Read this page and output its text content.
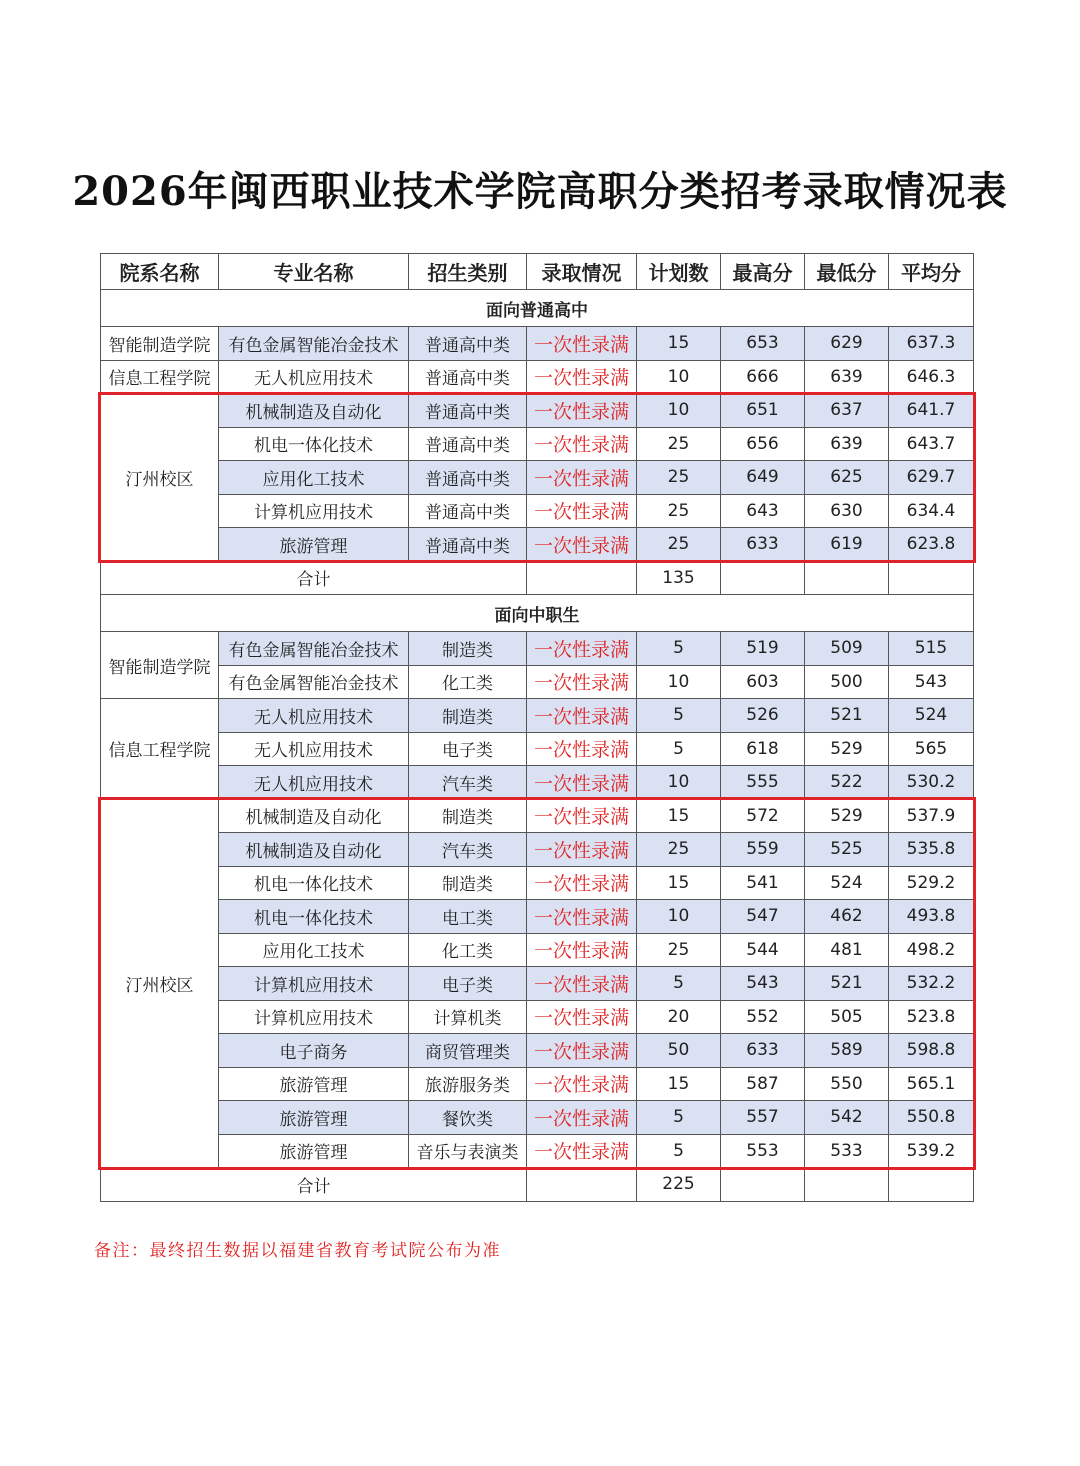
2026年闽西职业技术学院高职分类招考录取情况表
院系名称	专业名称	招生类别	录取情况	计划数	最高分	最低分	平均分
面向普通高中							
智能制造学院	有色金属智能冶金技术	普通高中类	一次性录满	15	653	629	637.3
信息工程学院	无人机应用技术	普通高中类	一次性录满	10	666	639	646.3
汀州校区	机械制造及自动化	普通高中类	一次性录满	10	651	637	641.7
	机电一体化技术	普通高中类	一次性录满	25	656	639	643.7
	应用化工技术	普通高中类	一次性录满	25	649	625	629.7
	计算机应用技术	普通高中类	一次性录满	25	643	630	634.4
	旅游管理	普通高中类	一次性录满	25	633	619	623.8
合计				135			
面向中职生							
智能制造学院	有色金属智能冶金技术	制造类	一次性录满	5	519	509	515
	有色金属智能冶金技术	化工类	一次性录满	10	603	500	543
信息工程学院	无人机应用技术	制造类	一次性录满	5	526	521	524
	无人机应用技术	电子类	一次性录满	5	618	529	565
	无人机应用技术	汽车类	一次性录满	10	555	522	530.2
汀州校区	机械制造及自动化	制造类	一次性录满	15	572	529	537.9
	机械制造及自动化	汽车类	一次性录满	25	559	525	535.8
	机电一体化技术	制造类	一次性录满	15	541	524	529.2
	机电一体化技术	电工类	一次性录满	10	547	462	493.8
	应用化工技术	化工类	一次性录满	25	544	481	498.2
	计算机应用技术	电子类	一次性录满	5	543	521	532.2
	计算机应用技术	计算机类	一次性录满	20	552	505	523.8
	电子商务	商贸管理类	一次性录满	50	633	589	598.8
	旅游管理	旅游服务类	一次性录满	15	587	550	565.1
	旅游管理	餐饮类	一次性录满	5	557	542	550.8
	旅游管理	音乐与表演类	一次性录满	5	553	533	539.2
合计				225			
备注：最终招生数据以福建省教育考试院公布为准
